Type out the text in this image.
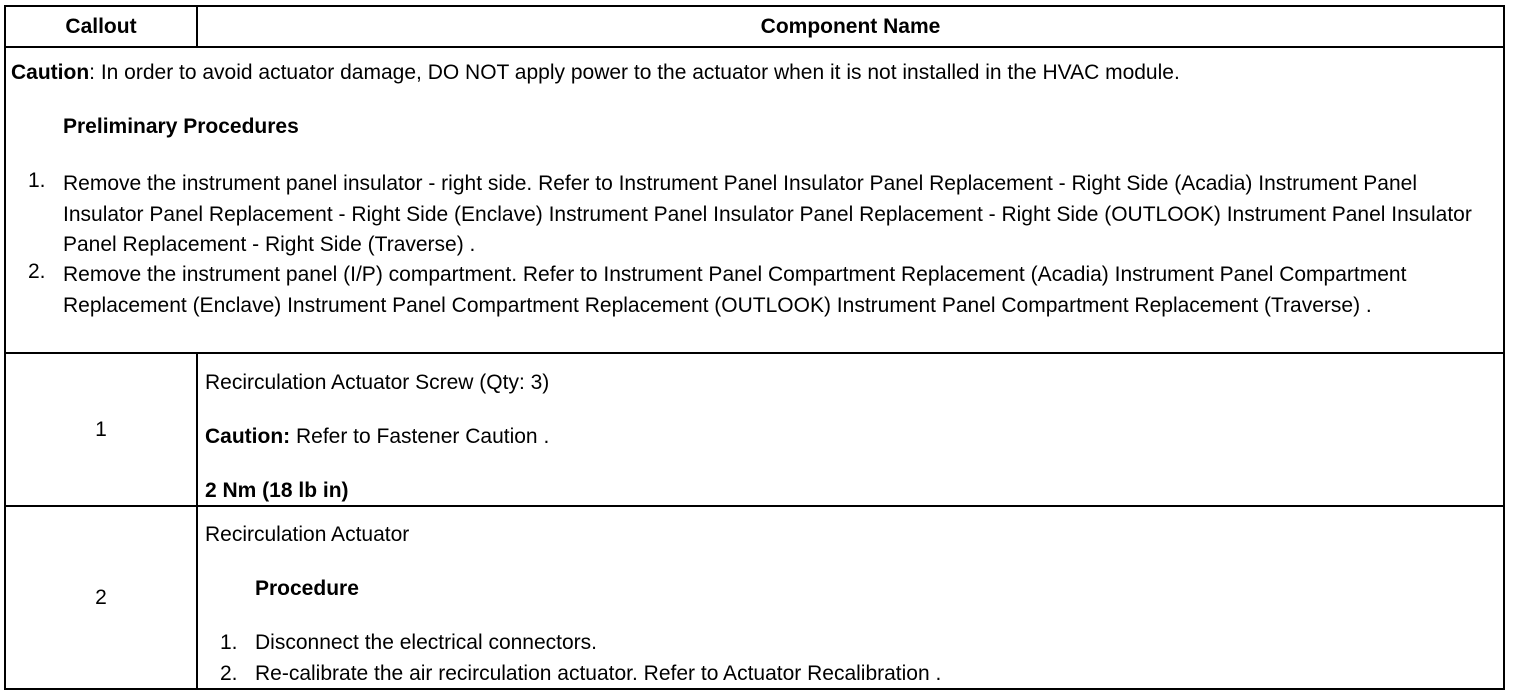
Callout	Component Name
Caution: In order to avoid actuator damage, DO NOT apply power to the actuator when it is not installed in the HVAC module.
Preliminary Procedures
1. Remove the instrument panel insulator - right side. Refer to Instrument Panel Insulator Panel Replacement - Right Side (Acadia) Instrument Panel Insulator Panel Replacement - Right Side (Enclave) Instrument Panel Insulator Panel Replacement - Right Side (OUTLOOK) Instrument Panel Insulator Panel Replacement - Right Side (Traverse) .
2. Remove the instrument panel (I/P) compartment. Refer to Instrument Panel Compartment Replacement (Acadia) Instrument Panel Compartment Replacement (Enclave) Instrument Panel Compartment Replacement (OUTLOOK) Instrument Panel Compartment Replacement (Traverse) .
1
Recirculation Actuator Screw (Qty: 3)
Caution: Refer to Fastener Caution .
2 Nm (18 lb in)
2
Recirculation Actuator
Procedure
1. Disconnect the electrical connectors.
2. Re-calibrate the air recirculation actuator. Refer to Actuator Recalibration .
